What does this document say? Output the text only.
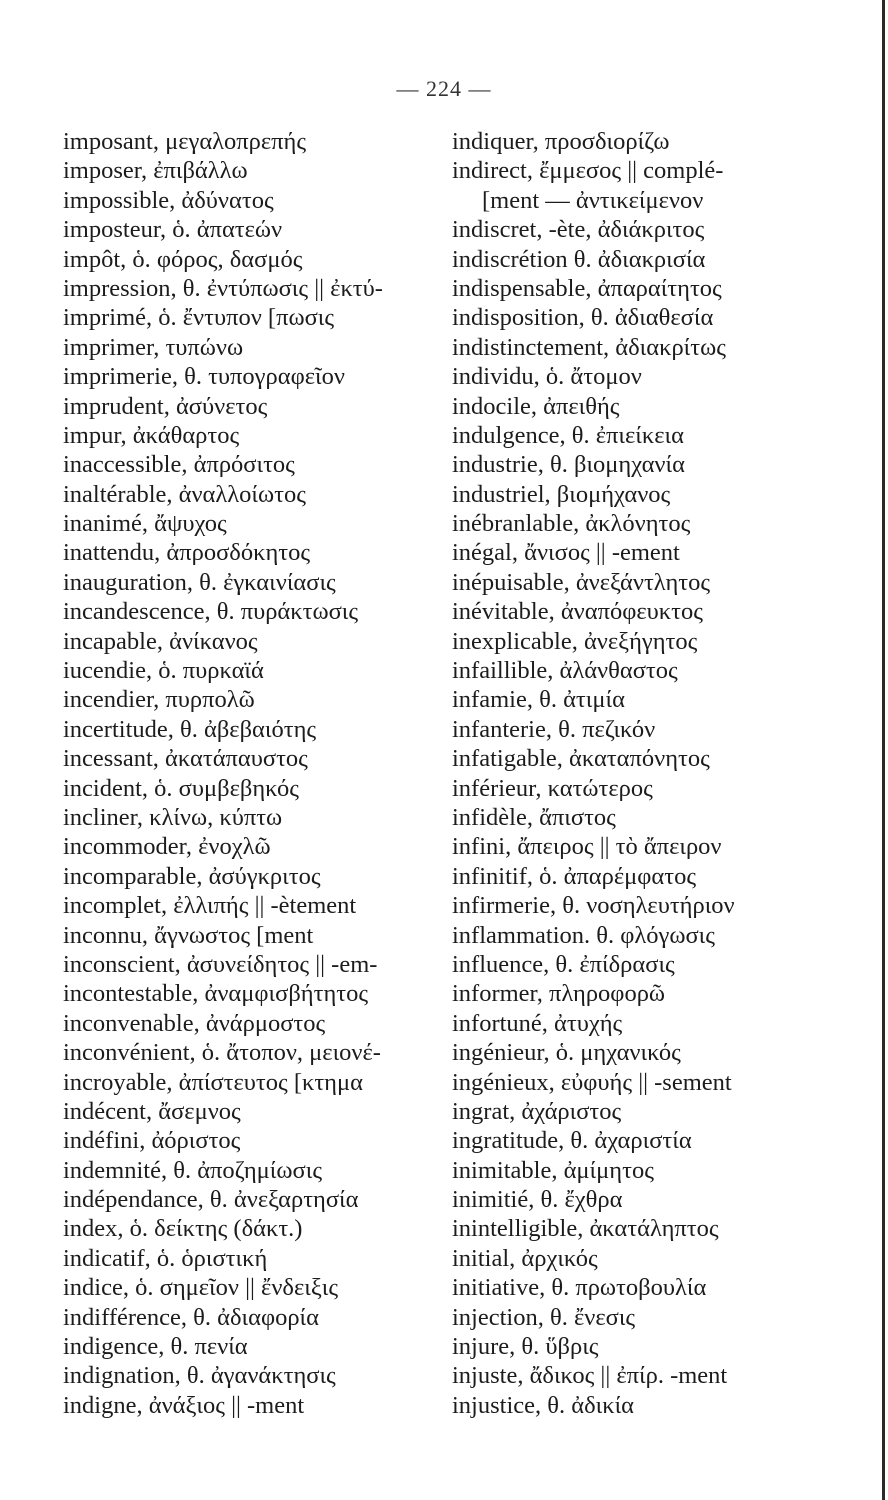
— 224 —
imposant, μεγαλοπρεπής
imposer, ἐπιβάλλω
impossible, ἀδύνατος
imposteur, ὁ. ἀπατεών
impôt, ὁ. φόρος, δασμός
impression, θ. ἐντύπωσις || ἐκτύ-
imprimé, ὁ. ἔντυπον [πωσις
imprimer, τυπώνω
imprimerie, θ. τυπογραφεῖον
imprudent, ἀσύνετος
impur, ἀκάθαρτος
inaccessible, ἀπρόσιτος
inaltérable, ἀναλλοίωτος
inanimé, ἄψυχος
inattendu, ἀπροσδόκητος
inauguration, θ. ἐγκαινίασις
incandescence, θ. πυράκτωσις
incapable, ἀνίκανος
iucendie, ὁ. πυρκαϊά
incendier, πυρπολῶ
incertitude, θ. ἀβεβαιότης
incessant, ἀκατάπαυστος
incident, ὁ. συμβεβηκός
incliner, κλίνω, κύπτω
incommoder, ἐνοχλῶ
incomparable, ἀσύγκριτος
incomplet, ἐλλιπής || -ètement
inconnu, ἄγνωστος [ment
inconscient, ἀσυνείδητος || -em-
incontestable, ἀναμφισβήτητος
inconvenable, ἀνάρμοστος
inconvénient, ὁ. ἄτοπον, μειονέ-
incroyable, ἀπίστευτος [κτημα
indécent, ἄσεμνος
indéfini, ἀόριστος
indemnité, θ. ἀποζημίωσις
indépendance, θ. ἀνεξαρτησία
index, ὁ. δείκτης (δάκτ.)
indicatif, ὁ. ὁριστική
indice, ὁ. σημεῖον || ἔνδειξις
indifférence, θ. ἀδιαφορία
indigence, θ. πενία
indignation, θ. ἀγανάκτησις
indigne, ἀνάξιος || -ment
indiquer, προσδιορίζω
indirect, ἔμμεσος || complé-
[ment — ἀντικείμενον
indiscret, -ète, ἀδιάκριτος
indiscrétion θ. ἀδιακρισία
indispensable, ἀπαραίτητος
indisposition, θ. ἀδιαθεσία
indistinctement, ἀδιακρίτως
individu, ὁ. ἄτομον
indocile, ἀπειθής
indulgence, θ. ἐπιείκεια
industrie, θ. βιομηχανία
industriel, βιομήχανος
inébranlable, ἀκλόνητος
inégal, ἄνισος || -ement
inépuisable, ἀνεξάντλητος
inévitable, ἀναπόφευκτος
inexplicable, ἀνεξήγητος
infaillible, ἀλάνθαστος
infamie, θ. ἀτιμία
infanterie, θ. πεζικόν
infatigable, ἀκαταπόνητος
inférieur, κατώτερος
infidèle, ἄπιστος
infini, ἄπειρος || τὸ ἄπειρον
infinitif, ὁ. ἀπαρέμφατος
infirmerie, θ. νοσηλευτήριον
inflammation. θ. φλόγωσις
influence, θ. ἐπίδρασις
informer, πληροφορῶ
infortuné, ἀτυχής
ingénieur, ὁ. μηχανικός
ingénieux, εὐφυής || -sement
ingrat, ἀχάριστος
ingratitude, θ. ἀχαριστία
inimitable, ἀμίμητος
inimitié, θ. ἔχθρα
inintelligible, ἀκατάληπτος
initial, ἀρχικός
initiative, θ. πρωτοβουλία
injection, θ. ἔνεσις
injure, θ. ὕβρις
injuste, ἄδικος || ἐπίρ. -ment
injustice, θ. ἀδικία
